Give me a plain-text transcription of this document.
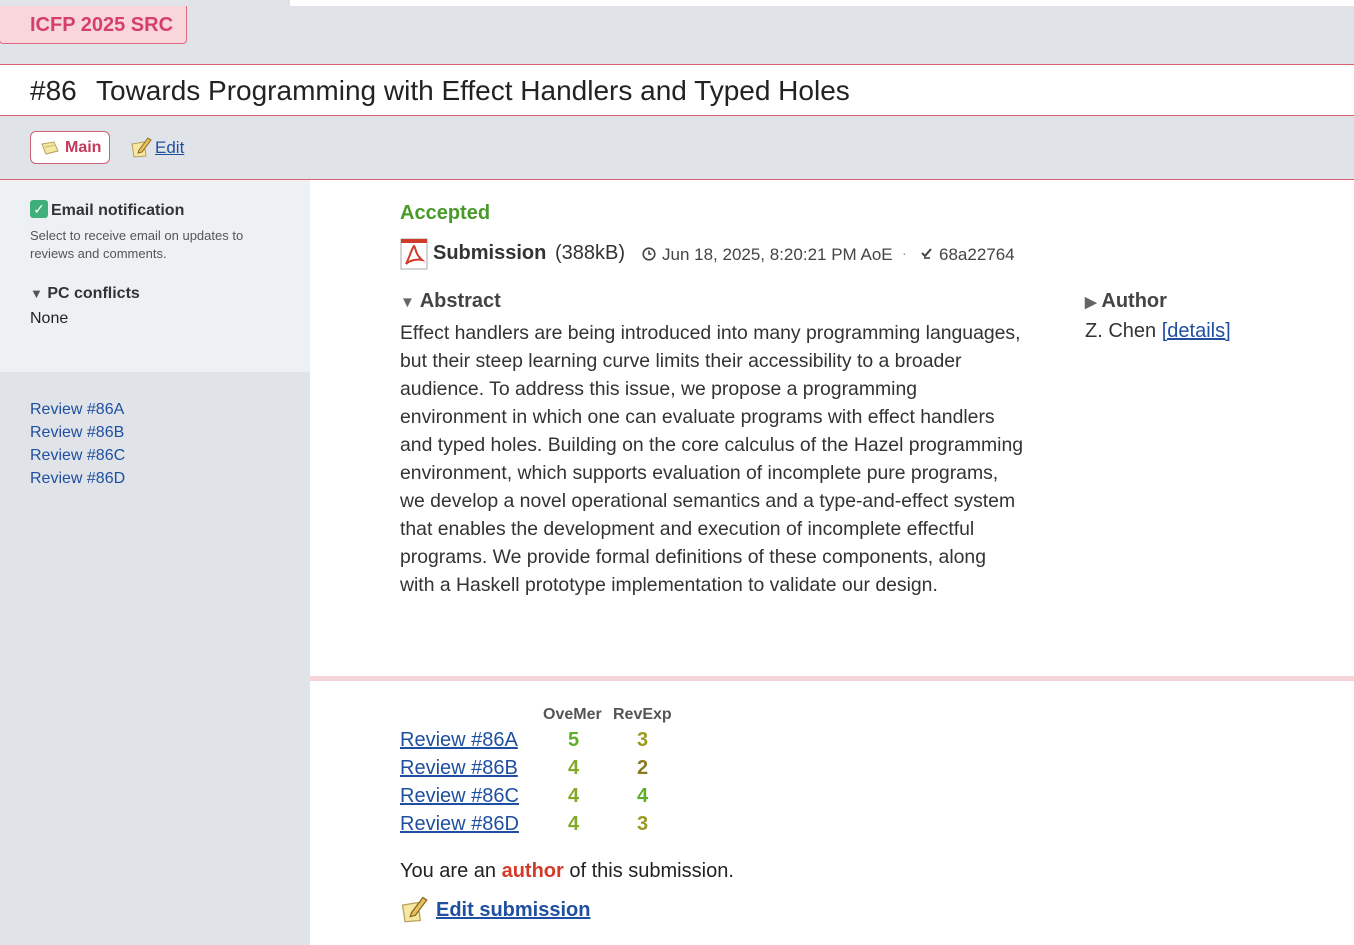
ICFP 2025 SRC
#86 Towards Programming with Effect Handlers and Typed Holes
Main	Edit
✓ Email notification
Select to receive email on updates to reviews and comments.
▼ PC conflicts
None
Review #86A
Review #86B
Review #86C
Review #86D
Accepted
Submission (388kB) Jun 18, 2025, 8:20:21 PM AoE · 68a22764
▼ Abstract
Effect handlers are being introduced into many programming languages, but their steep learning curve limits their accessibility to a broader audience. To address this issue, we propose a programming environment in which one can evaluate programs with effect handlers and typed holes. Building on the core calculus of the Hazel programming environment, which supports evaluation of incomplete pure programs, we develop a novel operational semantics and a type-and-effect system that enables the development and execution of incomplete effectful programs. We provide formal definitions of these components, along with a Haskell prototype implementation to validate our design.
▶ Author
Z. Chen [details]
OveMer RevExp
Review #86A	5	3
Review #86B	4	2
Review #86C 4	4
Review #86D 4	3
You are an author of this submission.
Edit submission
